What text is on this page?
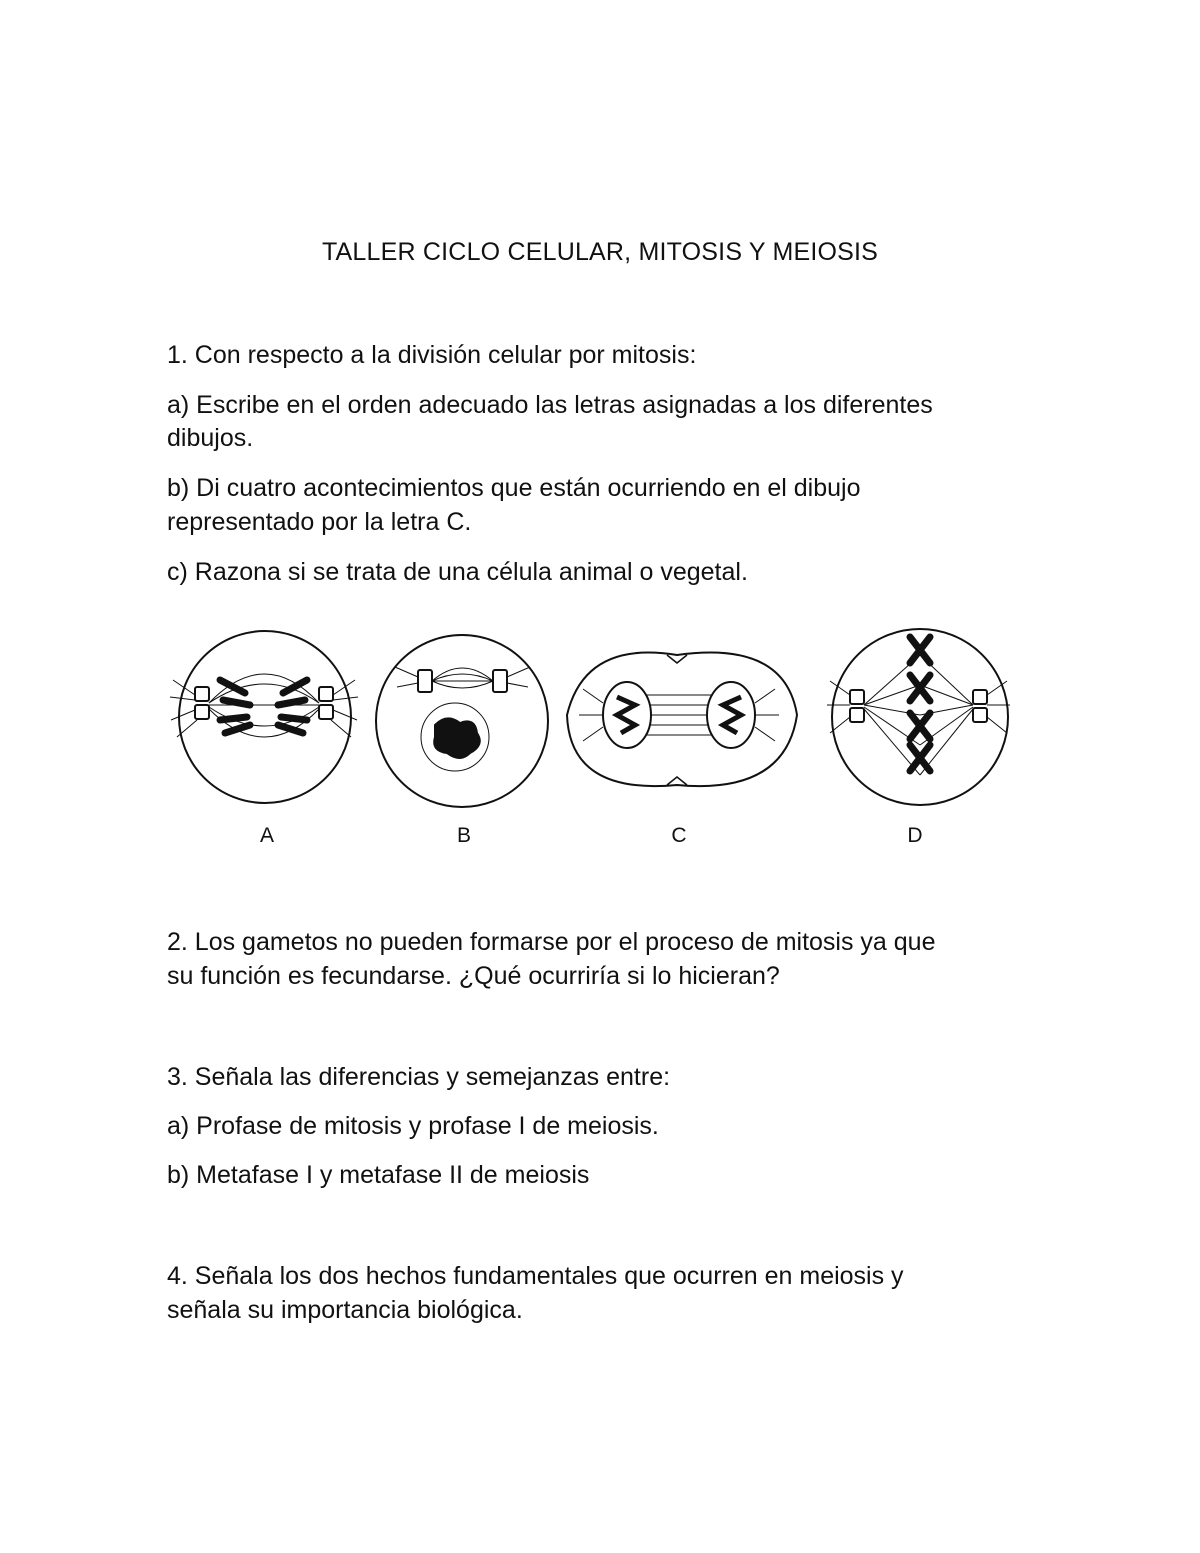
TALLER CICLO CELULAR, MITOSIS Y MEIOSIS
1. Con respecto a la división celular por mitosis:
a) Escribe en el orden adecuado las letras asignadas a los diferentes
dibujos.
b) Di cuatro acontecimientos que están ocurriendo en el dibujo
representado por la letra C.
c) Razona si se trata de una célula animal o vegetal.
A	B	C	D
2. Los gametos no pueden formarse por el proceso de mitosis ya que
su función es fecundarse. ¿Qué ocurriría si lo hicieran?
3. Señala las diferencias y semejanzas entre:
a) Profase de mitosis y profase I de meiosis.
b) Metafase I y metafase II de meiosis
4. Señala los dos hechos fundamentales que ocurren en meiosis y
señala su importancia biológica.
